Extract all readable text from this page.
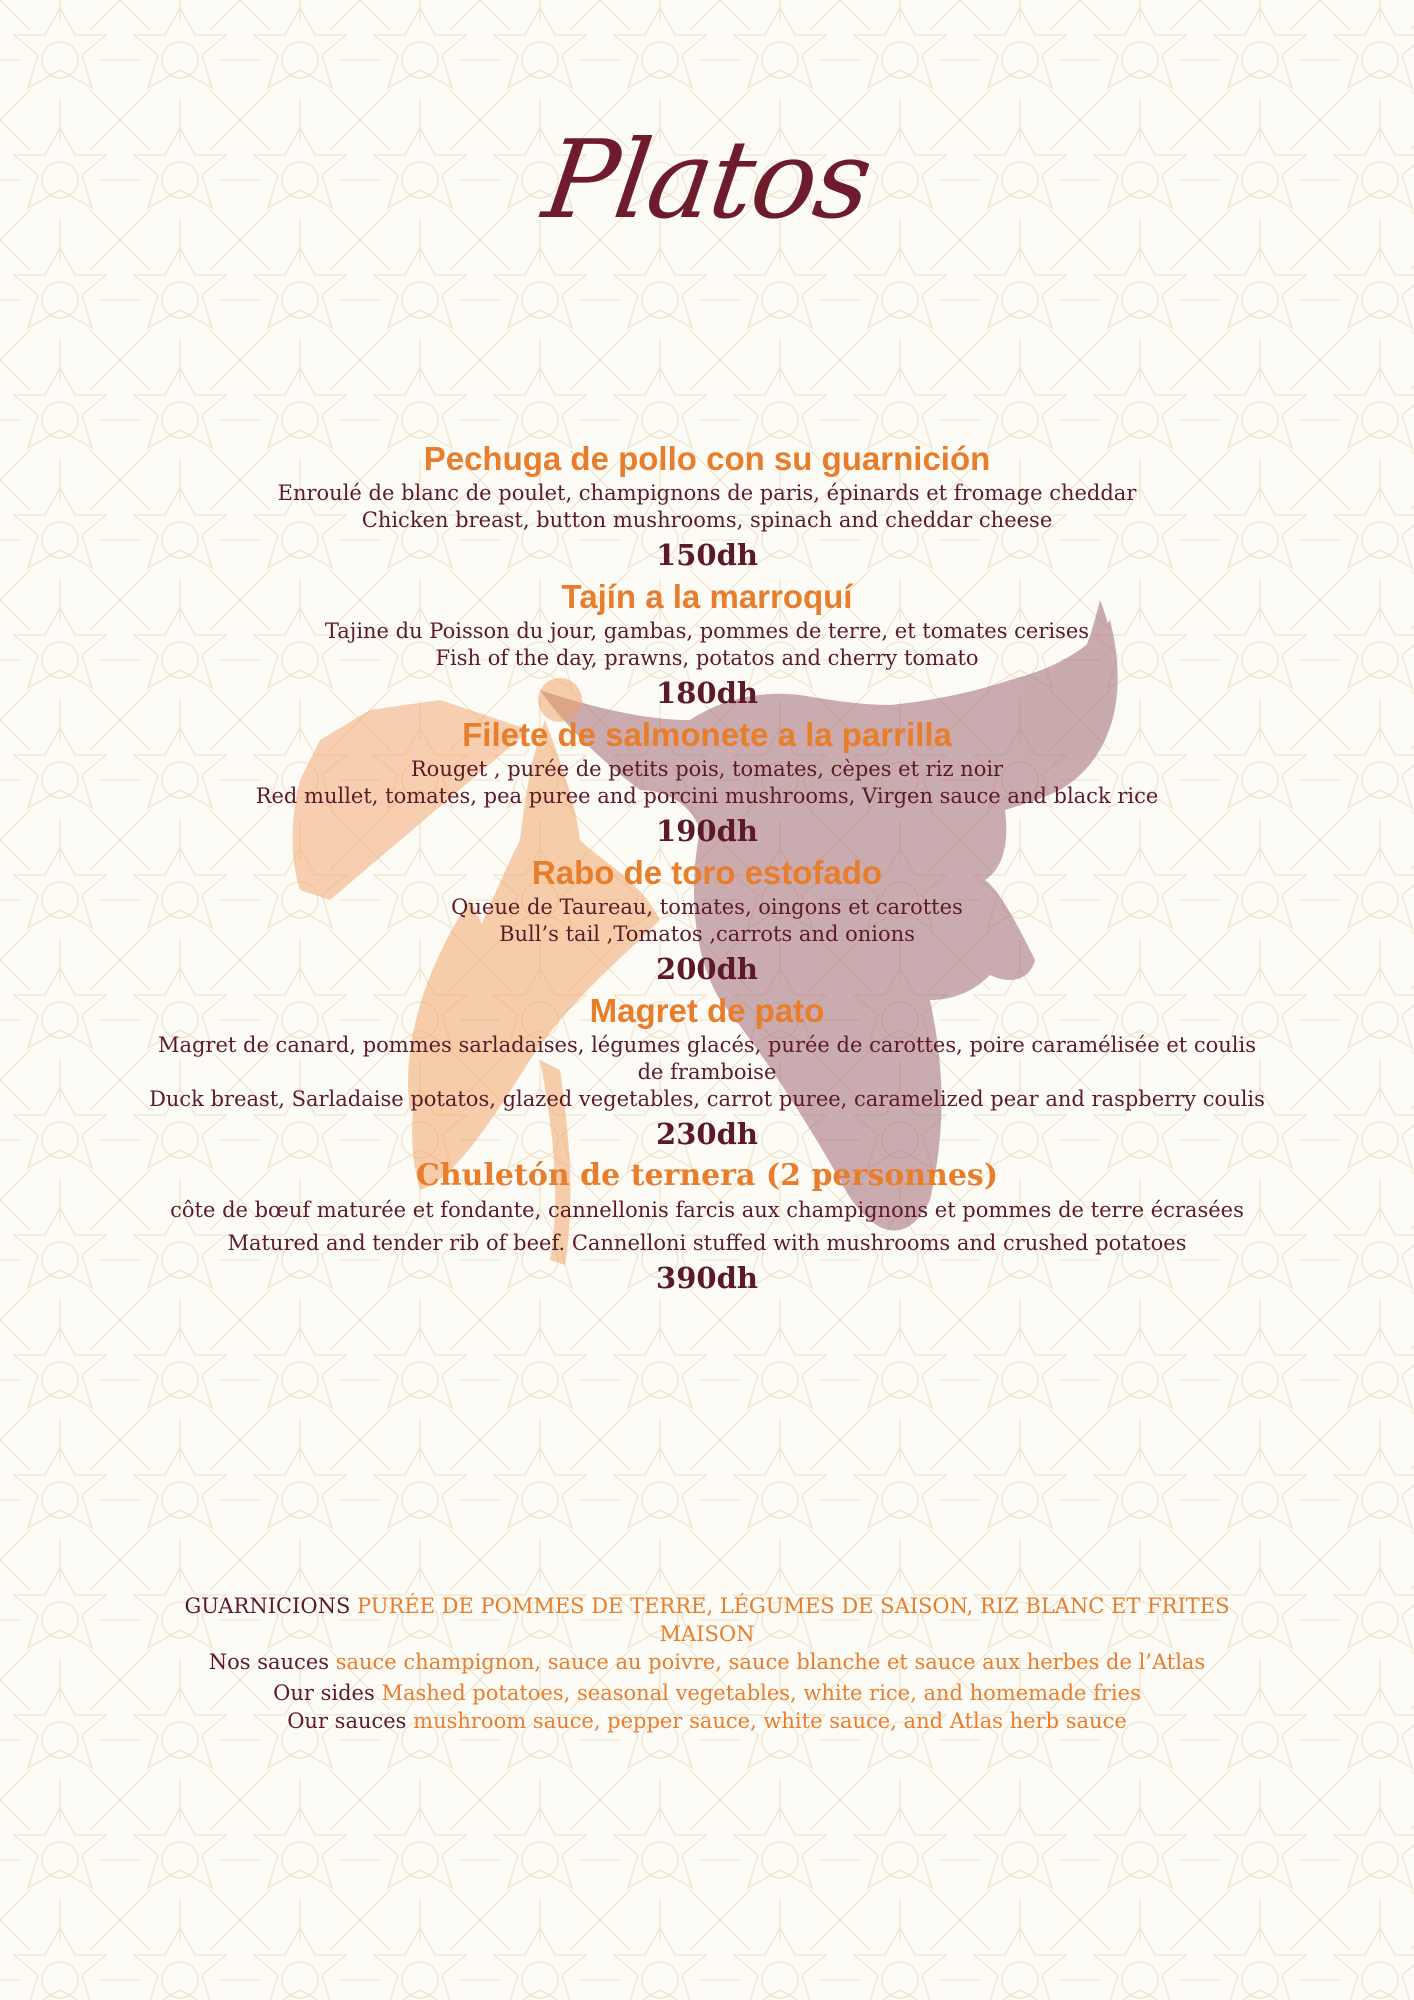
Platos

Pechuga de pollo con su guarnición

Enroulé de blanc de poulet, champignons de paris, épinards et fromage cheddar

Chicken breast, button mushrooms, spinach and cheddar cheese

150dh

Tajín a la marroquí

Tajine du Poisson du jour, gambas, pommes de terre, et tomates cerises

Fish of the day, prawns, potatos and cherry tomato

180dh

Filete de salmonete a la parrilla

Rouget , purée de petits pois, tomates, cèpes et riz noir

Red mullet, tomates, pea puree and porcini mushrooms, Virgen sauce and black rice

190dh

Rabo de toro estofado

Queue de Taureau, tomates, oingons et carottes

Bull’s tail ,Tomatos ,carrots and onions

200dh

Magret de pato

Magret de canard, pommes sarladaises, légumes glacés, purée de carottes, poire caramélisée et coulis de framboise

Duck breast, Sarladaise potatos, glazed vegetables, carrot puree, caramelized pear and raspberry coulis

230dh

Chuletón de ternera (2 personnes)

côte de bœuf maturée et fondante, cannellonis farcis aux champignons et pommes de terre écrasées

Matured and tender rib of beef. Cannelloni stuffed with mushrooms and crushed potatoes

390dh

GUARNICIONS PURÉE DE POMMES DE TERRE, LÉGUMES DE SAISON, RIZ BLANC ET FRITES MAISON

Nos sauces sauce champignon, sauce au poivre, sauce blanche et sauce aux herbes de l’Atlas

Our sides Mashed potatoes, seasonal vegetables, white rice, and homemade fries

Our sauces mushroom sauce, pepper sauce, white sauce, and Atlas herb sauce
